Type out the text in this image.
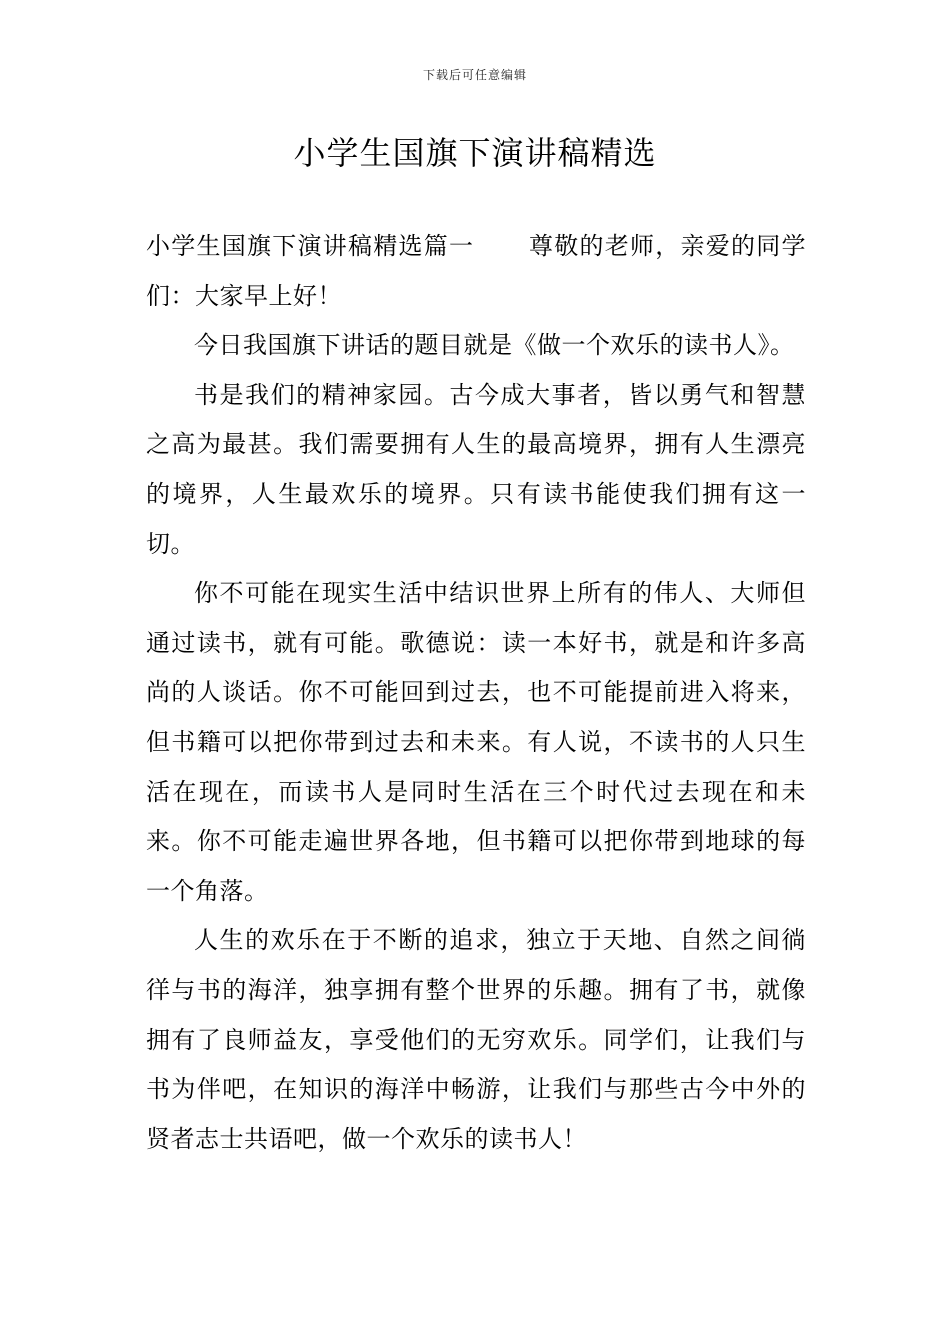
下载后可任意编辑
小学生国旗下演讲稿精选

小学生国旗下演讲稿精选篇一 尊敬的老师，亲爱的同学们：大家早上好！

今日我国旗下讲话的题目就是《做一个欢乐的读书人》。

书是我们的精神家园。古今成大事者，皆以勇气和智慧之高为最甚。我们需要拥有人生的最高境界，拥有人生漂亮的境界，人生最欢乐的境界。只有读书能使我们拥有这一切。

你不可能在现实生活中结识世界上所有的伟人、大师但通过读书，就有可能。歌德说：读一本好书，就是和许多高尚的人谈话。你不可能回到过去，也不可能提前进入将来，但书籍可以把你带到过去和未来。有人说，不读书的人只生活在现在，而读书人是同时生活在三个时代过去现在和未来。你不可能走遍世界各地，但书籍可以把你带到地球的每一个角落。

人生的欢乐在于不断的追求，独立于天地、自然之间徜徉与书的海洋，独享拥有整个世界的乐趣。拥有了书，就像拥有了良师益友，享受他们的无穷欢乐。同学们，让我们与书为伴吧，在知识的海洋中畅游，让我们与那些古今中外的贤者志士共语吧，做一个欢乐的读书人！
